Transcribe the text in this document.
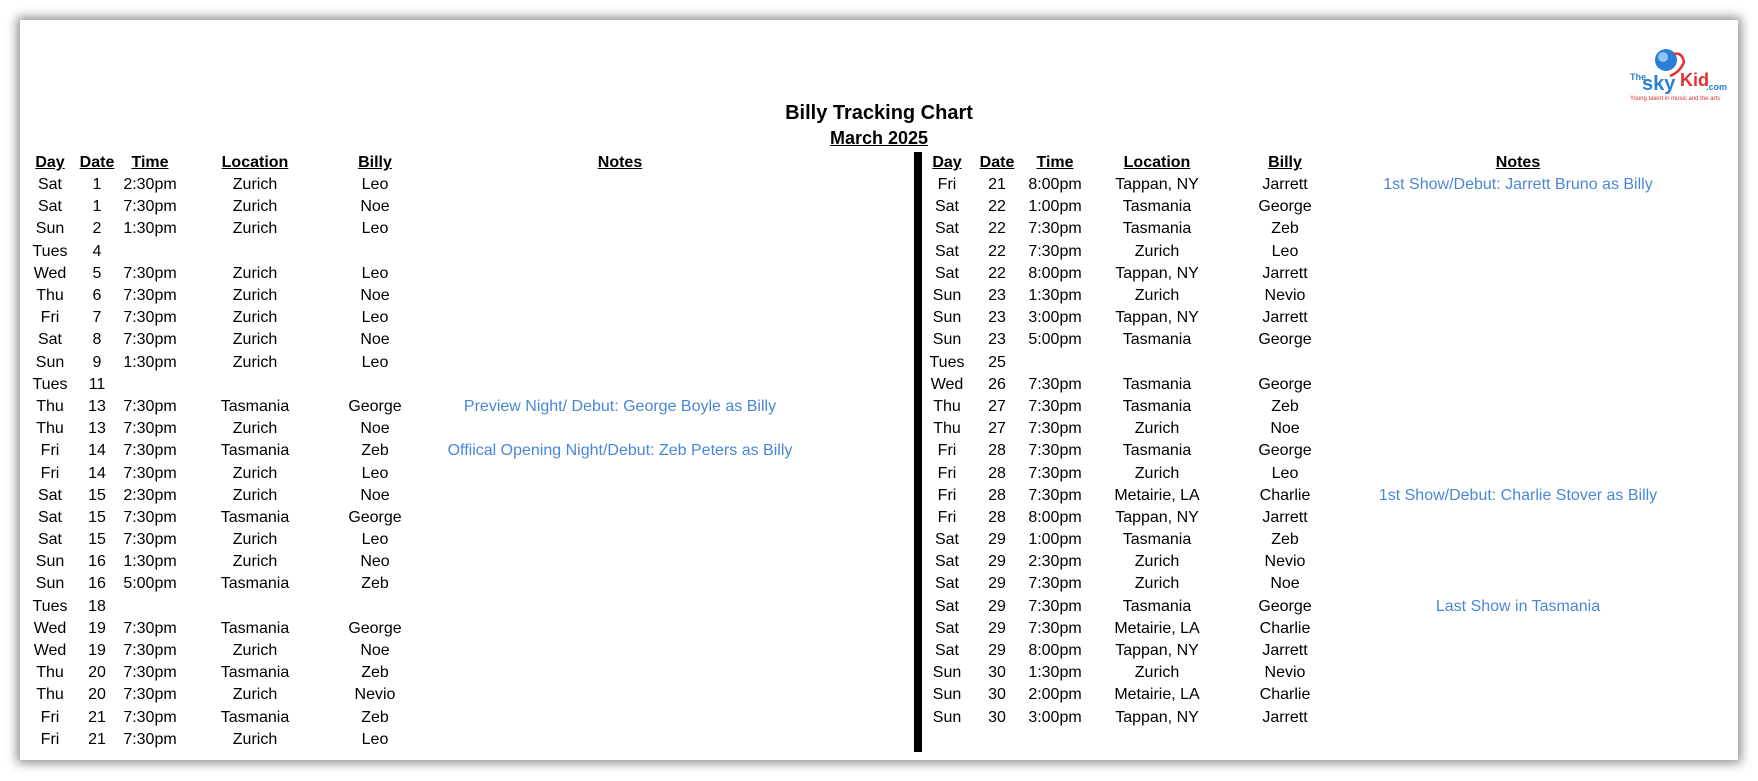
The
sky Kid
.com
Young talent in music and the arts
Billy Tracking Chart
March 2025
Day	Date	Time	Location	Billy	Notes
Sat	1	2:30pm	Zurich	Leo	
Sat	1	7:30pm	Zurich	Noe	
Sun	2	1:30pm	Zurich	Leo	
Tues	4				
Wed	5	7:30pm	Zurich	Leo	
Thu	6	7:30pm	Zurich	Noe	
Fri	7	7:30pm	Zurich	Leo	
Sat	8	7:30pm	Zurich	Noe	
Sun	9	1:30pm	Zurich	Leo	
Tues	11				
Thu	13	7:30pm	Tasmania	George	Preview Night/ Debut: George Boyle as Billy
Thu	13	7:30pm	Zurich	Noe	
Fri	14	7:30pm	Tasmania	Zeb	Offiical Opening Night/Debut: Zeb Peters as Billy
Fri	14	7:30pm	Zurich	Leo	
Sat	15	2:30pm	Zurich	Noe	
Sat	15	7:30pm	Tasmania	George	
Sat	15	7:30pm	Zurich	Leo	
Sun	16	1:30pm	Zurich	Neo	
Sun	16	5:00pm	Tasmania	Zeb	
Tues	18				
Wed	19	7:30pm	Tasmania	George	
Wed	19	7:30pm	Zurich	Noe	
Thu	20	7:30pm	Tasmania	Zeb	
Thu	20	7:30pm	Zurich	Nevio	
Fri	21	7:30pm	Tasmania	Zeb	
Fri	21	7:30pm	Zurich	Leo	
Day	Date	Time	Location	Billy	Notes
Fri	21	8:00pm	Tappan, NY	Jarrett	1st Show/Debut: Jarrett Bruno as Billy
Sat	22	1:00pm	Tasmania	George	
Sat	22	7:30pm	Tasmania	Zeb	
Sat	22	7:30pm	Zurich	Leo	
Sat	22	8:00pm	Tappan, NY	Jarrett	
Sun	23	1:30pm	Zurich	Nevio	
Sun	23	3:00pm	Tappan, NY	Jarrett	
Sun	23	5:00pm	Tasmania	George	
Tues	25				
Wed	26	7:30pm	Tasmania	George	
Thu	27	7:30pm	Tasmania	Zeb	
Thu	27	7:30pm	Zurich	Noe	
Fri	28	7:30pm	Tasmania	George	
Fri	28	7:30pm	Zurich	Leo	
Fri	28	7:30pm	Metairie, LA	Charlie	1st Show/Debut: Charlie Stover as Billy
Fri	28	8:00pm	Tappan, NY	Jarrett	
Sat	29	1:00pm	Tasmania	Zeb	
Sat	29	2:30pm	Zurich	Nevio	
Sat	29	7:30pm	Zurich	Noe	
Sat	29	7:30pm	Tasmania	George	Last Show in Tasmania
Sat	29	7:30pm	Metairie, LA	Charlie	
Sat	29	8:00pm	Tappan, NY	Jarrett	
Sun	30	1:30pm	Zurich	Nevio	
Sun	30	2:00pm	Metairie, LA	Charlie	
Sun	30	3:00pm	Tappan, NY	Jarrett	
